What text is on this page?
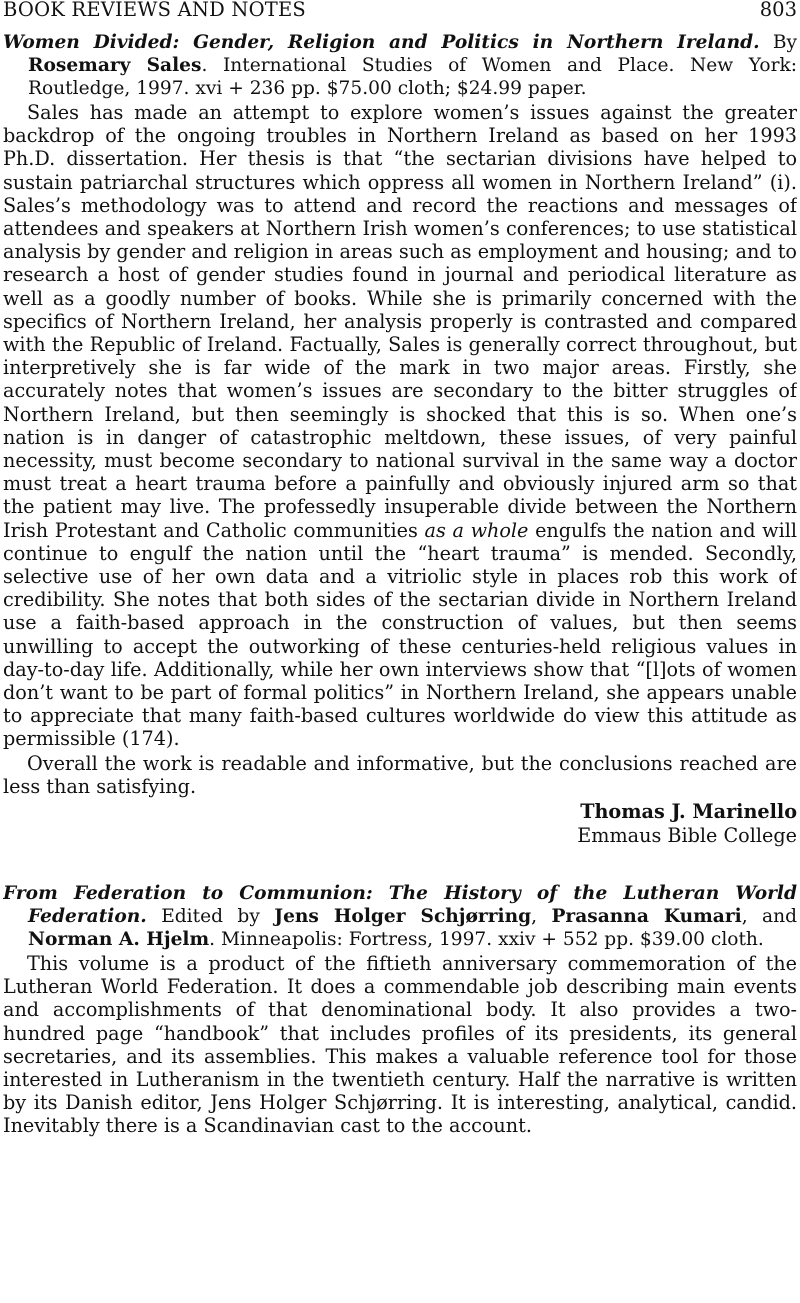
BOOK REVIEWS AND NOTES	803
Women Divided: Gender, Religion and Politics in Northern Ireland. By Rosemary Sales. International Studies of Women and Place. New York: Routledge, 1997. xvi + 236 pp. $75.00 cloth; $24.99 paper.

Sales has made an attempt to explore women’s issues against the greater backdrop of the ongoing troubles in Northern Ireland as based on her 1993 Ph.D. dissertation. Her thesis is that “the sectarian divisions have helped to sustain patriarchal structures which oppress all women in Northern Ireland” (i). Sales’s methodology was to attend and record the reactions and messages of attendees and speakers at Northern Irish women’s conferences; to use statistical analysis by gender and religion in areas such as employment and housing; and to research a host of gender studies found in journal and periodical literature as well as a goodly number of books. While she is primarily concerned with the specifics of Northern Ireland, her analysis properly is contrasted and compared with the Republic of Ireland. Factually, Sales is generally correct throughout, but interpretively she is far wide of the mark in two major areas. Firstly, she accurately notes that women’s issues are secondary to the bitter struggles of Northern Ireland, but then seemingly is shocked that this is so. When one’s nation is in danger of catastrophic meltdown, these issues, of very painful necessity, must become secondary to national survival in the same way a doctor must treat a heart trauma before a painfully and obviously injured arm so that the patient may live. The professedly insuperable divide between the Northern Irish Protestant and Catholic communities as a whole engulfs the nation and will continue to engulf the nation until the “heart trauma” is mended. Secondly, selective use of her own data and a vitriolic style in places rob this work of credibility. She notes that both sides of the sectarian divide in Northern Ireland use a faith-based approach in the construction of values, but then seems unwilling to accept the outworking of these centuries-held religious values in day-to-day life. Additionally, while her own interviews show that “[l]ots of women don’t want to be part of formal politics” in Northern Ireland, she appears unable to appreciate that many faith-based cultures worldwide do view this attitude as permissible (174).

Overall the work is readable and informative, but the conclusions reached are less than satisfying.

Thomas J. Marinello
Emmaus Bible College
From Federation to Communion: The History of the Lutheran World Federation. Edited by Jens Holger Schjørring, Prasanna Kumari, and Norman A. Hjelm. Minneapolis: Fortress, 1997. xxiv + 552 pp. $39.00 cloth.

This volume is a product of the fiftieth anniversary commemoration of the Lutheran World Federation. It does a commendable job describing main events and accomplishments of that denominational body. It also provides a two-hundred page “handbook” that includes profiles of its presidents, its general secretaries, and its assemblies. This makes a valuable reference tool for those interested in Lutheranism in the twentieth century. Half the narrative is written by its Danish editor, Jens Holger Schjørring. It is interesting, analytical, candid. Inevitably there is a Scandinavian cast to the account.
